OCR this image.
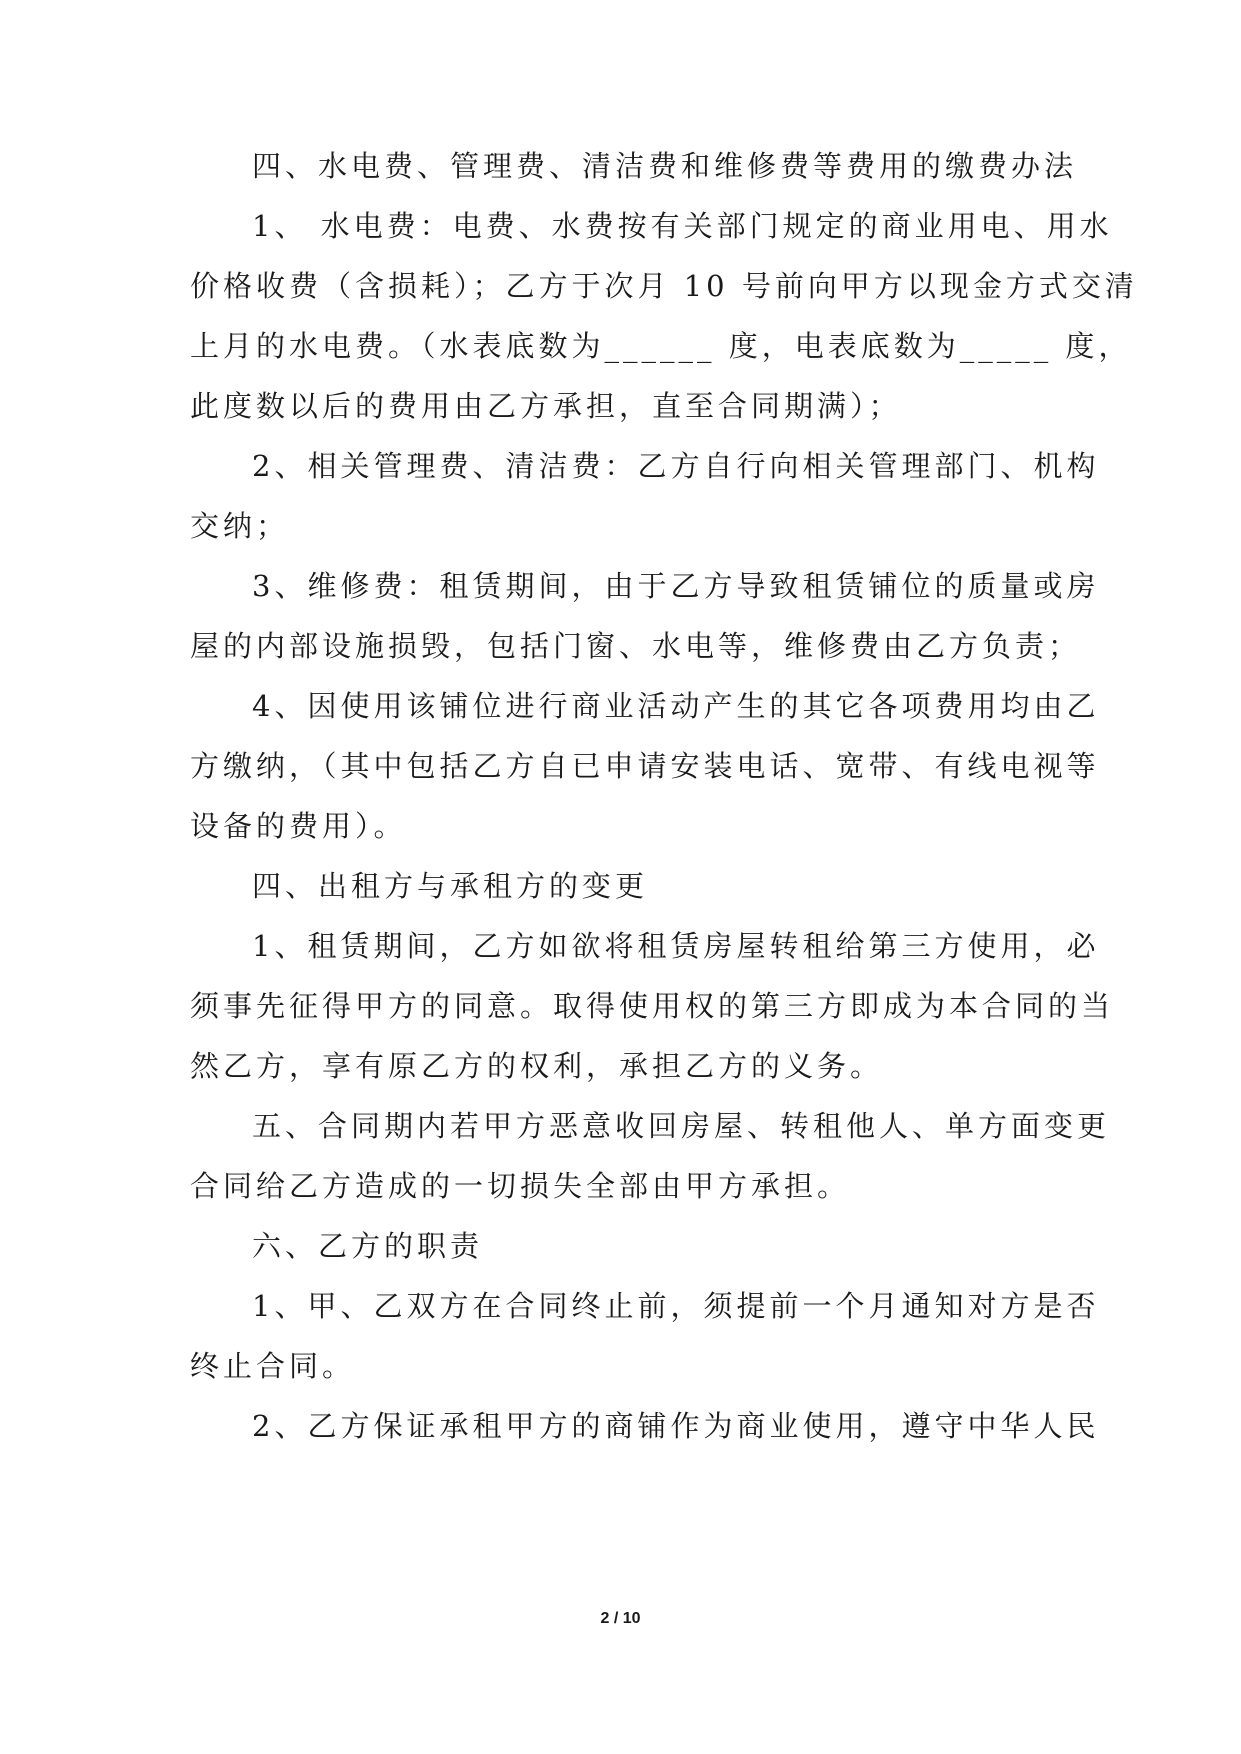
四、水电费、管理费、清洁费和维修费等费用的缴费办法
1、 水电费：电费、水费按有关部门规定的商业用电、用水
价格收费（含损耗）；乙方于次月 10 号前向甲方以现金方式交清
上月的水电费。（水表底数为______ 度，电表底数为_____ 度，
此度数以后的费用由乙方承担，直至合同期满）；
2、相关管理费、清洁费：乙方自行向相关管理部门、机构
交纳；
3、维修费：租赁期间，由于乙方导致租赁铺位的质量或房
屋的内部设施损毁，包括门窗、水电等，维修费由乙方负责；
4、因使用该铺位进行商业活动产生的其它各项费用均由乙
方缴纳，（其中包括乙方自已申请安装电话、宽带、有线电视等
设备的费用）。
四、出租方与承租方的变更
1、租赁期间，乙方如欲将租赁房屋转租给第三方使用，必
须事先征得甲方的同意。取得使用权的第三方即成为本合同的当
然乙方，享有原乙方的权利，承担乙方的义务。
五、合同期内若甲方恶意收回房屋、转租他人、单方面变更
合同给乙方造成的一切损失全部由甲方承担。
六、乙方的职责
1、甲、乙双方在合同终止前，须提前一个月通知对方是否
终止合同。
2、乙方保证承租甲方的商铺作为商业使用，遵守中华人民
2 / 10
